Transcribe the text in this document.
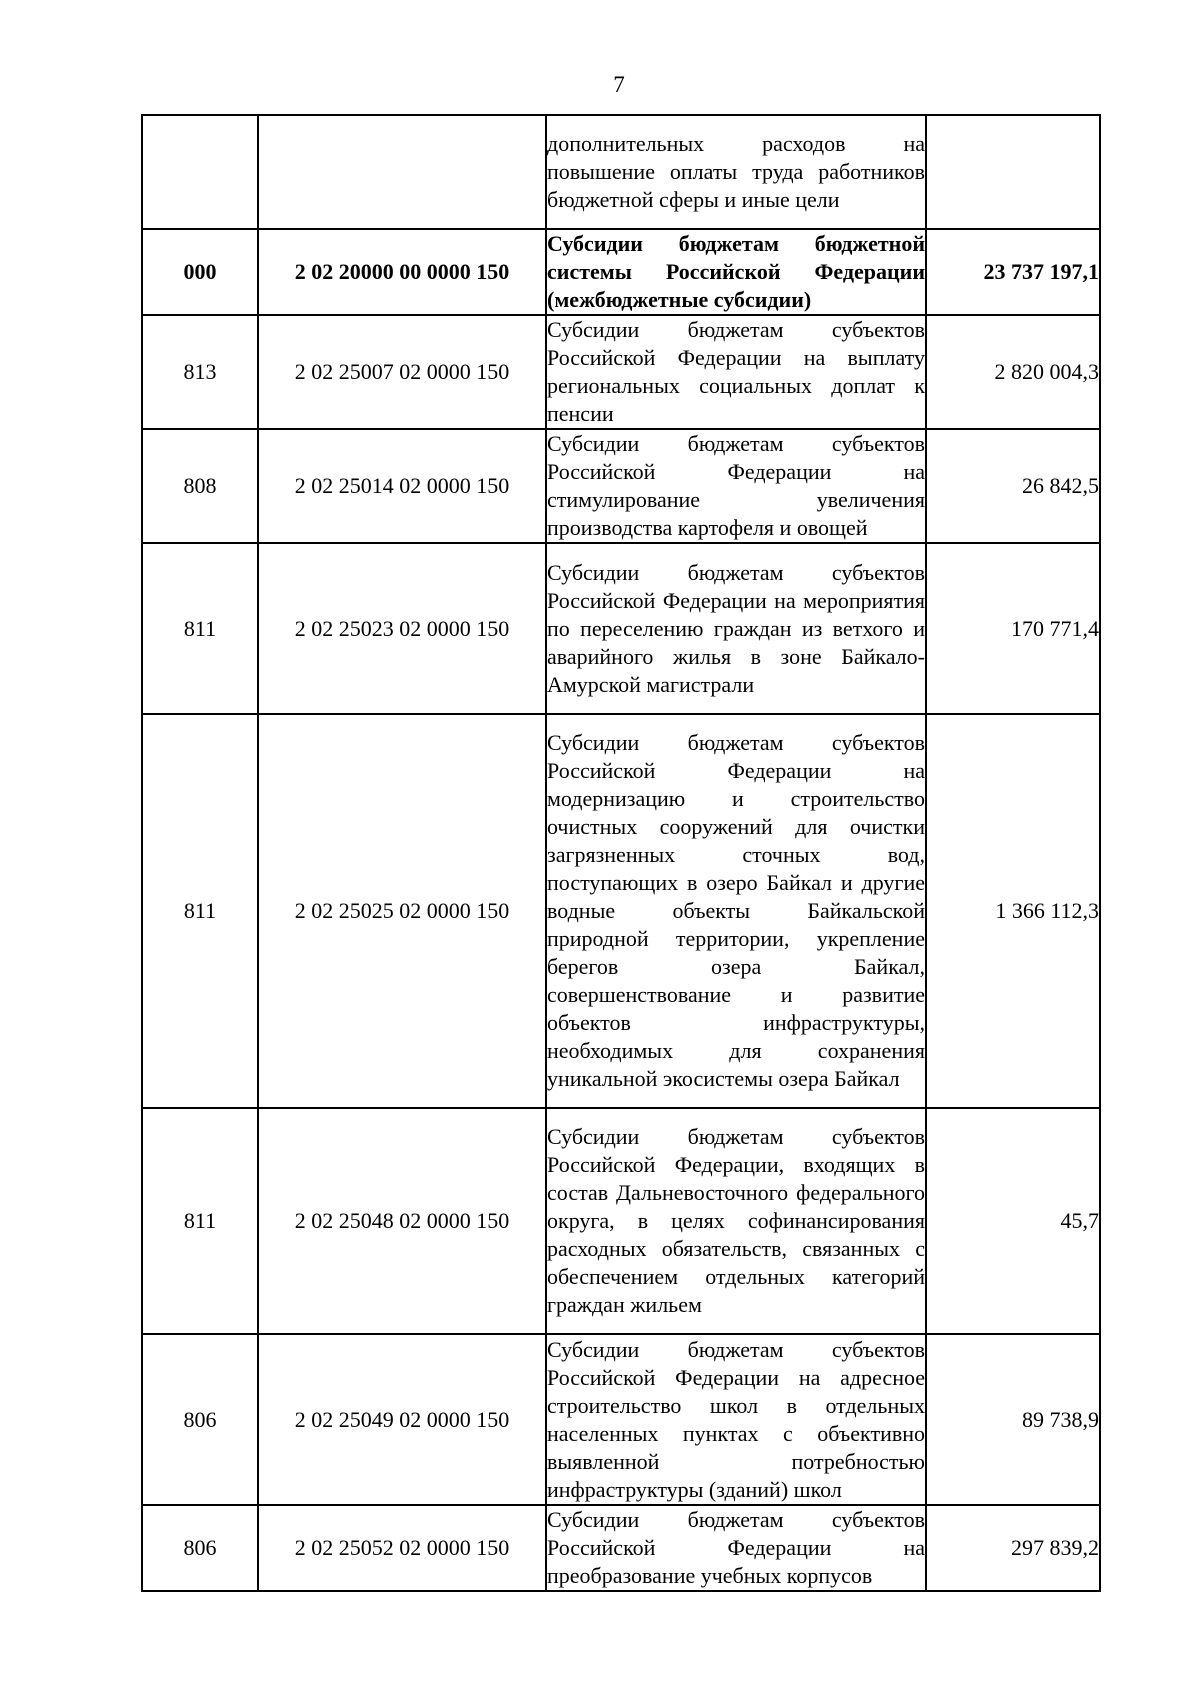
7

		дополнительных расходов на повышение оплаты труда работников бюджетной сферы и иные цели	

000	2 02 20000 00 0000 150	Субсидии бюджетам бюджетной системы Российской Федерации (межбюджетные субсидии)	23 737 197,1
813	2 02 25007 02 0000 150	Субсидии бюджетам субъектов Российской Федерации на выплату региональных социальных доплат к пенсии	2 820 004,3
808	2 02 25014 02 0000 150	Субсидии бюджетам субъектов Российской Федерации на стимулирование увеличения производства картофеля и овощей	26 842,5
811	2 02 25023 02 0000 150	Субсидии бюджетам субъектов Российской Федерации на мероприятия по переселению граждан из ветхого и аварийного жилья в зоне Байкало-Амурской магистрали	170 771,4
811	2 02 25025 02 0000 150	Субсидии бюджетам субъектов Российской Федерации на модернизацию и строительство очистных сооружений для очистки загрязненных сточных вод, поступающих в озеро Байкал и другие водные объекты Байкальской природной территории, укрепление берегов озера Байкал, совершенствование и развитие объектов инфраструктуры, необходимых для сохранения уникальной экосистемы озера Байкал	1 366 112,3
811	2 02 25048 02 0000 150	Субсидии бюджетам субъектов Российской Федерации, входящих в состав Дальневосточного федерального округа, в целях софинансирования расходных обязательств, связанных с обеспечением отдельных категорий граждан жильем	45,7
806	2 02 25049 02 0000 150	Субсидии бюджетам субъектов Российской Федерации на адресное строительство школ в отдельных населенных пунктах с объективно выявленной потребностью инфраструктуры (зданий) школ	89 738,9
806	2 02 25052 02 0000 150	Субсидии бюджетам субъектов Российской Федерации на преобразование учебных корпусов	297 839,2
